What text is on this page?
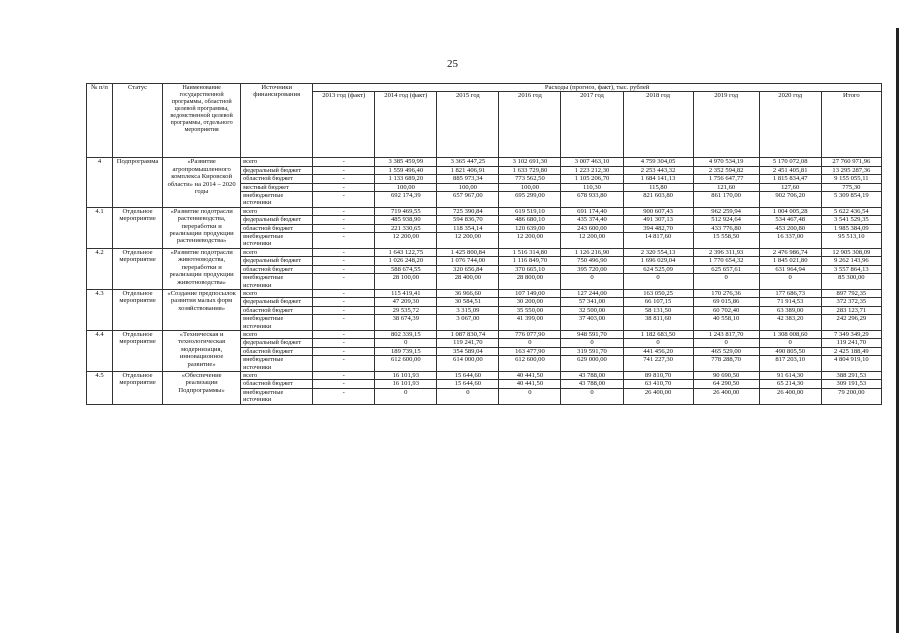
25
№ п/п	Статус	Наименование государственной программы, областной целевой программы, ведомственной целевой программы, отдельного мероприятия	Источники финансирования	Расходы (прогноз, факт), тыс. рублей								
				2013 год (факт)	2014 год (факт)	2015 год	2016 год	2017 год	2018 год	2019 год	2020 год	Итого
4	Подпрограмма	«Развитие агропромышленного комплекса Кировской области» на 2014 – 2020 годы	всего	-	3 385 459,99	3 365 447,25	3 102 691,30	3 007 463,10	4 759 304,05	4 970 534,19	5 170 072,08	27 760 971,96
			федеральный бюджет	-	1 559 496,40	1 821 406,91	1 633 729,80	1 223 212,30	2 253 443,32	2 352 594,82	2 451 405,81	13 295 287,36
			областной бюджет	-	1 133 689,20	885 973,34	773 562,50	1 105 206,70	1 684 141,13	1 756 647,77	1 815 834,47	9 155 055,11
			местный бюджет	-	100,00	100,00	100,00	110,30	115,80	121,60	127,60	775,30
			внебюджетные источники	-	692 174,39	657 967,00	695 299,00	678 933,80	821 603,80	861 170,00	902 706,20	5 309 854,19
4.1	Отдельное мероприятие	«Развитие подотрасли растениеводства, переработки и реализации продукции растениеводства»	всего	-	719 469,55	725 390,84	619 519,10	691 174,40	900 607,43	962 259,94	1 004 005,28	5 622 436,54
			федеральный бюджет	-	485 938,90	594 836,70	486 680,10	435 374,40	491 307,13	512 924,64	534 467,48	3 541 529,35
			областной бюджет	-	221 330,65	118 354,14	120 639,00	243 600,00	394 482,70	433 776,80	453 200,80	1 985 384,09
			внебюджетные источники	-	12 200,00	12 200,00	12 200,00	12 200,00	14 817,60	15 558,50	16 337,00	95 513,10
4.2	Отдельное мероприятие	«Развитие подотрасли животноводства, переработки и реализации продукции животноводства»	всего	-	1 643 122,75	1 425 800,84	1 516 314,80	1 126 216,90	2 320 554,13	2 396 311,93	2 476 986,74	12 905 308,09
			федеральный бюджет	-	1 026 248,20	1 076 744,00	1 116 849,70	750 496,90	1 696 029,04	1 770 654,32	1 845 021,80	9 262 143,96
			областной бюджет	-	588 674,55	320 656,84	370 665,10	395 720,00	624 525,09	625 657,61	631 964,94	3 557 864,13
			внебюджетные источники	-	28 100,00	28 400,00	28 800,00	0	0	0	0	85 300,00
4.3	Отдельное мероприятие	«Создание предпосылок развития малых форм хозяйствования»	всего	-	115 419,41	36 966,60	107 149,00	127 244,00	163 050,25	170 276,36	177 686,73	897 792,35
			федеральный бюджет	-	47 209,30	30 584,51	30 200,00	57 341,00	66 107,15	69 015,86	71 914,53	372 372,35
			областной бюджет	-	29 535,72	3 315,09	35 550,00	32 500,00	58 131,50	60 702,40	63 389,00	283 123,71
			внебюджетные источники	-	38 674,39	3 067,00	41 399,00	37 403,00	38 811,60	40 558,10	42 383,20	242 296,29
4.4	Отдельное мероприятие	«Техническая и технологическая модернизация, инновационное развитие»	всего	-	802 339,15	1 087 830,74	776 077,90	948 591,70	1 182 683,50	1 243 817,70	1 308 008,60	7 349 349,29
			федеральный бюджет	-	0	119 241,70	0	0	0	0	0	119 241,70
			областной бюджет	-	189 739,15	354 589,04	163 477,90	319 591,70	441 456,20	465 529,00	490 805,50	2 425 188,49
			внебюджетные источники	-	612 600,00	614 000,00	612 600,00	629 000,00	741 227,30	778 288,70	817 203,10	4 804 919,10
4.5	Отдельное мероприятие	«Обеспечение реализации Подпрограммы»	всего	-	16 101,93	15 644,60	40 441,50	43 788,00	89 810,70	90 690,50	91 614,30	388 291,53
			областной бюджет	-	16 101,93	15 644,60	40 441,50	43 788,00	63 410,70	64 290,50	65 214,30	309 191,53
			внебюджетные источники	-	0	0	0	0	26 400,00	26 400,00	26 400,00	79 200,00
